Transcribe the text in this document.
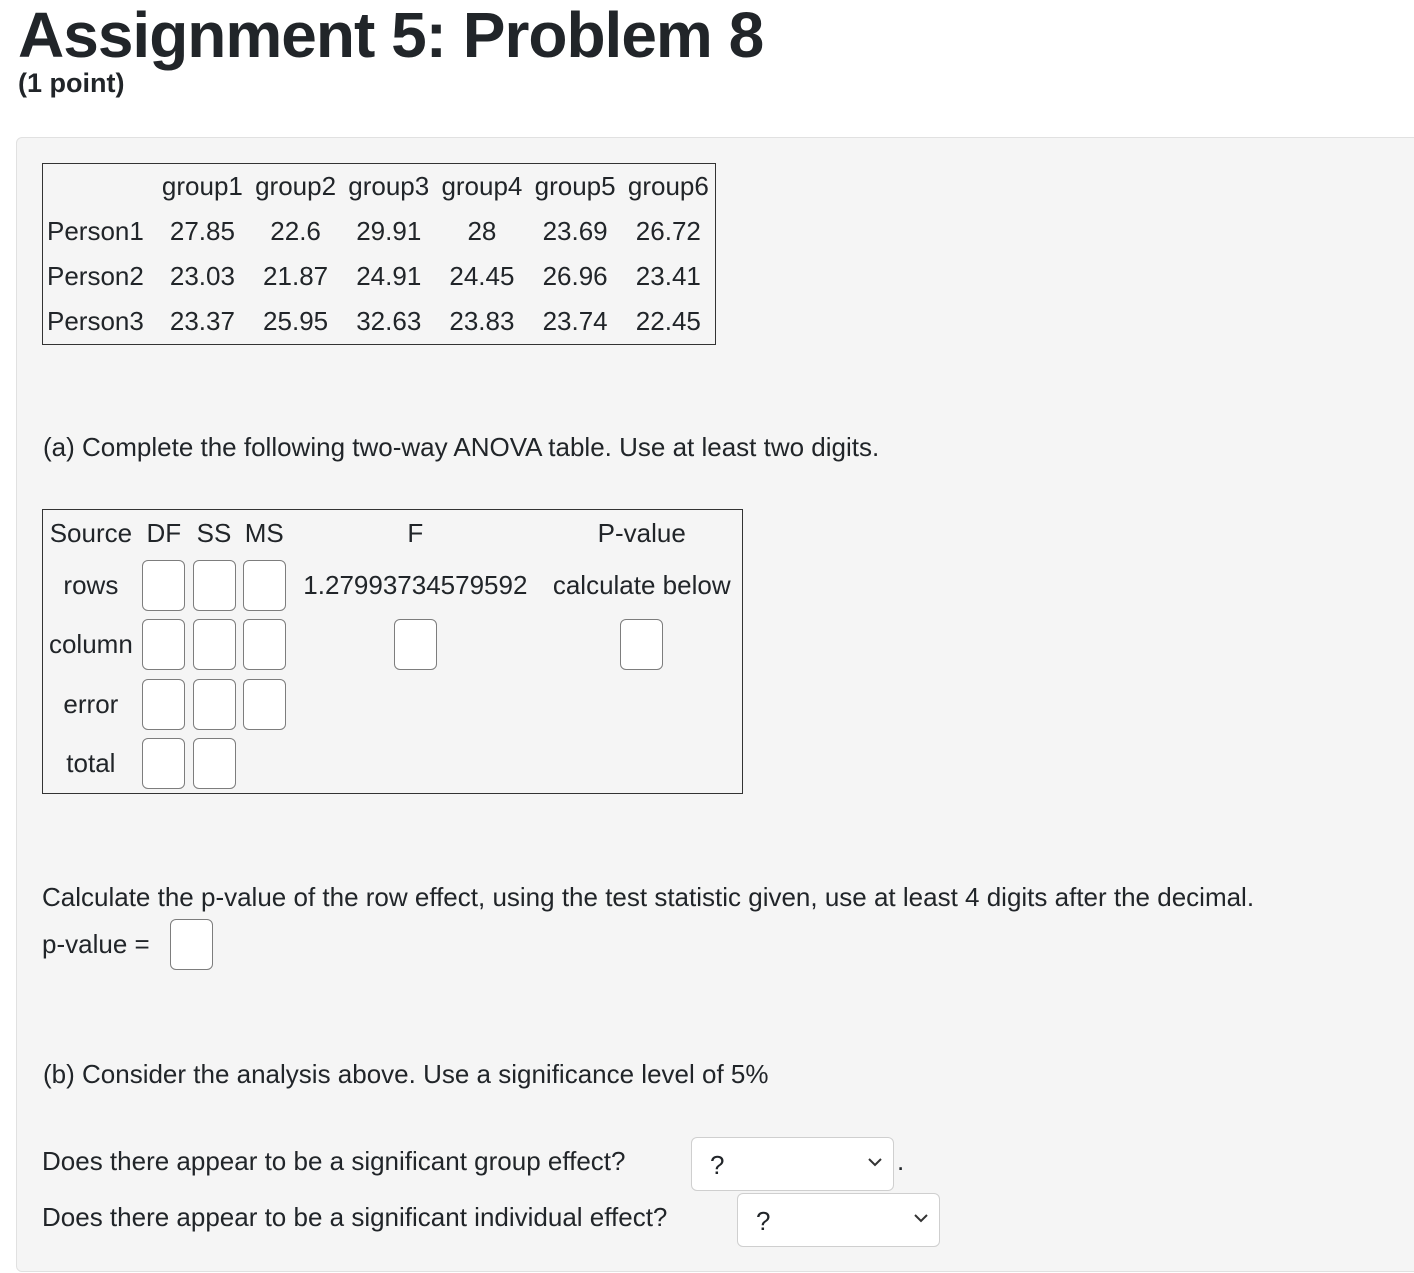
Assignment 5: Problem 8
(1 point)
	group1	group2	group3	group4	group5	group6
Person1	27.85	22.6	29.91	28	23.69	26.72
Person2	23.03	21.87	24.91	24.45	26.96	23.41
Person3	23.37	25.95	32.63	23.83	23.74	22.45
(a) Complete the following two-way ANOVA table. Use at least two digits.
Source	DF	SS	MS	F	P-value
rows				1.27993734579592	calculate below
column					
error					
total					
Calculate the p-value of the row effect, using the test statistic given, use at least 4 digits after the decimal.
p-value =
(b) Consider the analysis above. Use a significance level of 5%
Does there appear to be a significant group effect?	?	.
Does there appear to be a significant individual effect?	?
